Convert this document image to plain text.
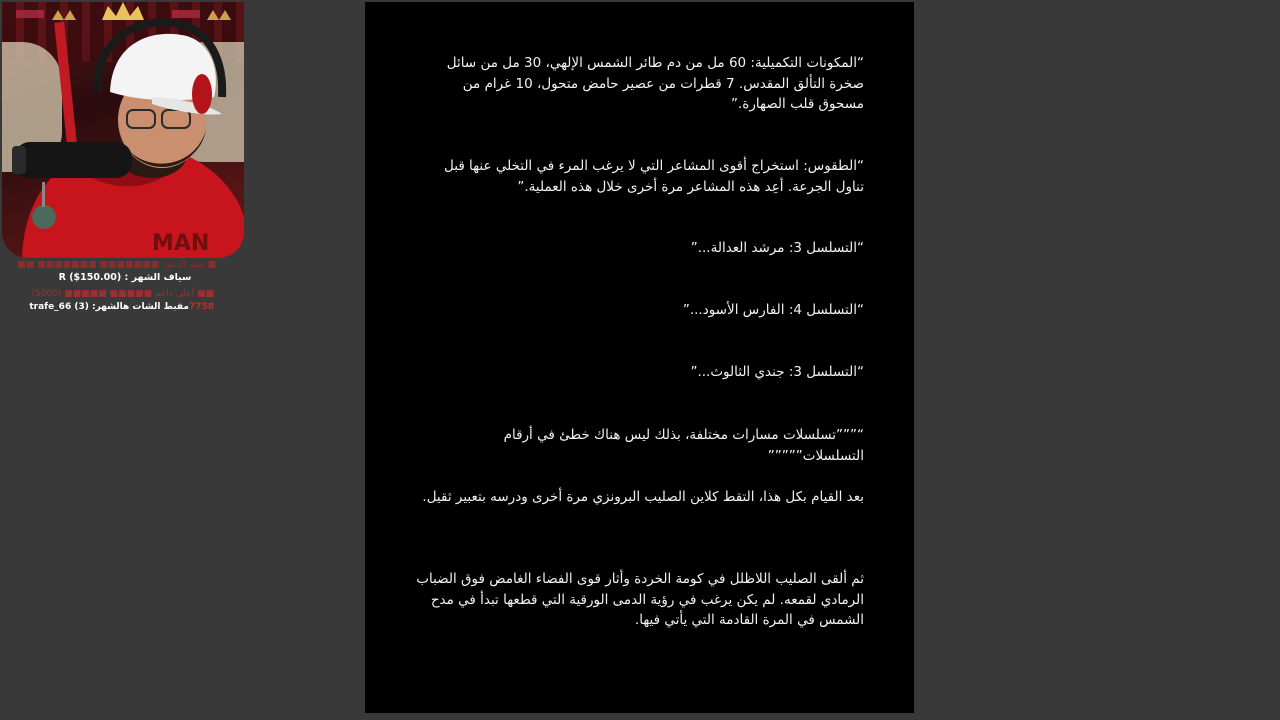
MAN
■ تنبيه الدعم: ■■■■■■■ ■■■■■■■ ■■
سياف الشهر : (R ($150.00
■■ أعلى داعم ■■■■■ ■■■■■ (5000)
7758مفبط الشات هالشهر: (3) trafe_66
“المكونات التكميلية: 60 مل من دم طائر الشمس الإلهي، 30 مل من سائل صخرة التألق المقدس. 7 قطرات من عصير حامض متحول، 10 غرام من مسحوق قلب الصهارة.”
“الطقوس: استخراج أقوى المشاعر التي لا يرغب المرء في التخلي عنها قبل تناول الجرعة. أعِد هذه المشاعر مرة أخرى خلال هذه العملية.”
“التسلسل 3: مرشد العدالة...”
“التسلسل 4: الفارس الأسود...”
“التسلسل 3: جندي الثالوث...”
“”””تسلسلات مسارات مختلفة، بذلك ليس هناك خطئ في أرقام التسلسلات”””””
بعد القيام بكل هذا، التقط كلاين الصليب البرونزي مرة أخرى ودرسه بتعبير ثقيل.
ثم ألقى الصليب اللاظلل في كومة الخردة وأثار قوى الفضاء الغامض فوق الضباب الرمادي لقمعه. لم يكن يرغب في رؤية الدمى الورقية التي قطعها تبدأ في مدح الشمس في المرة القادمة التي يأتي فيها.
